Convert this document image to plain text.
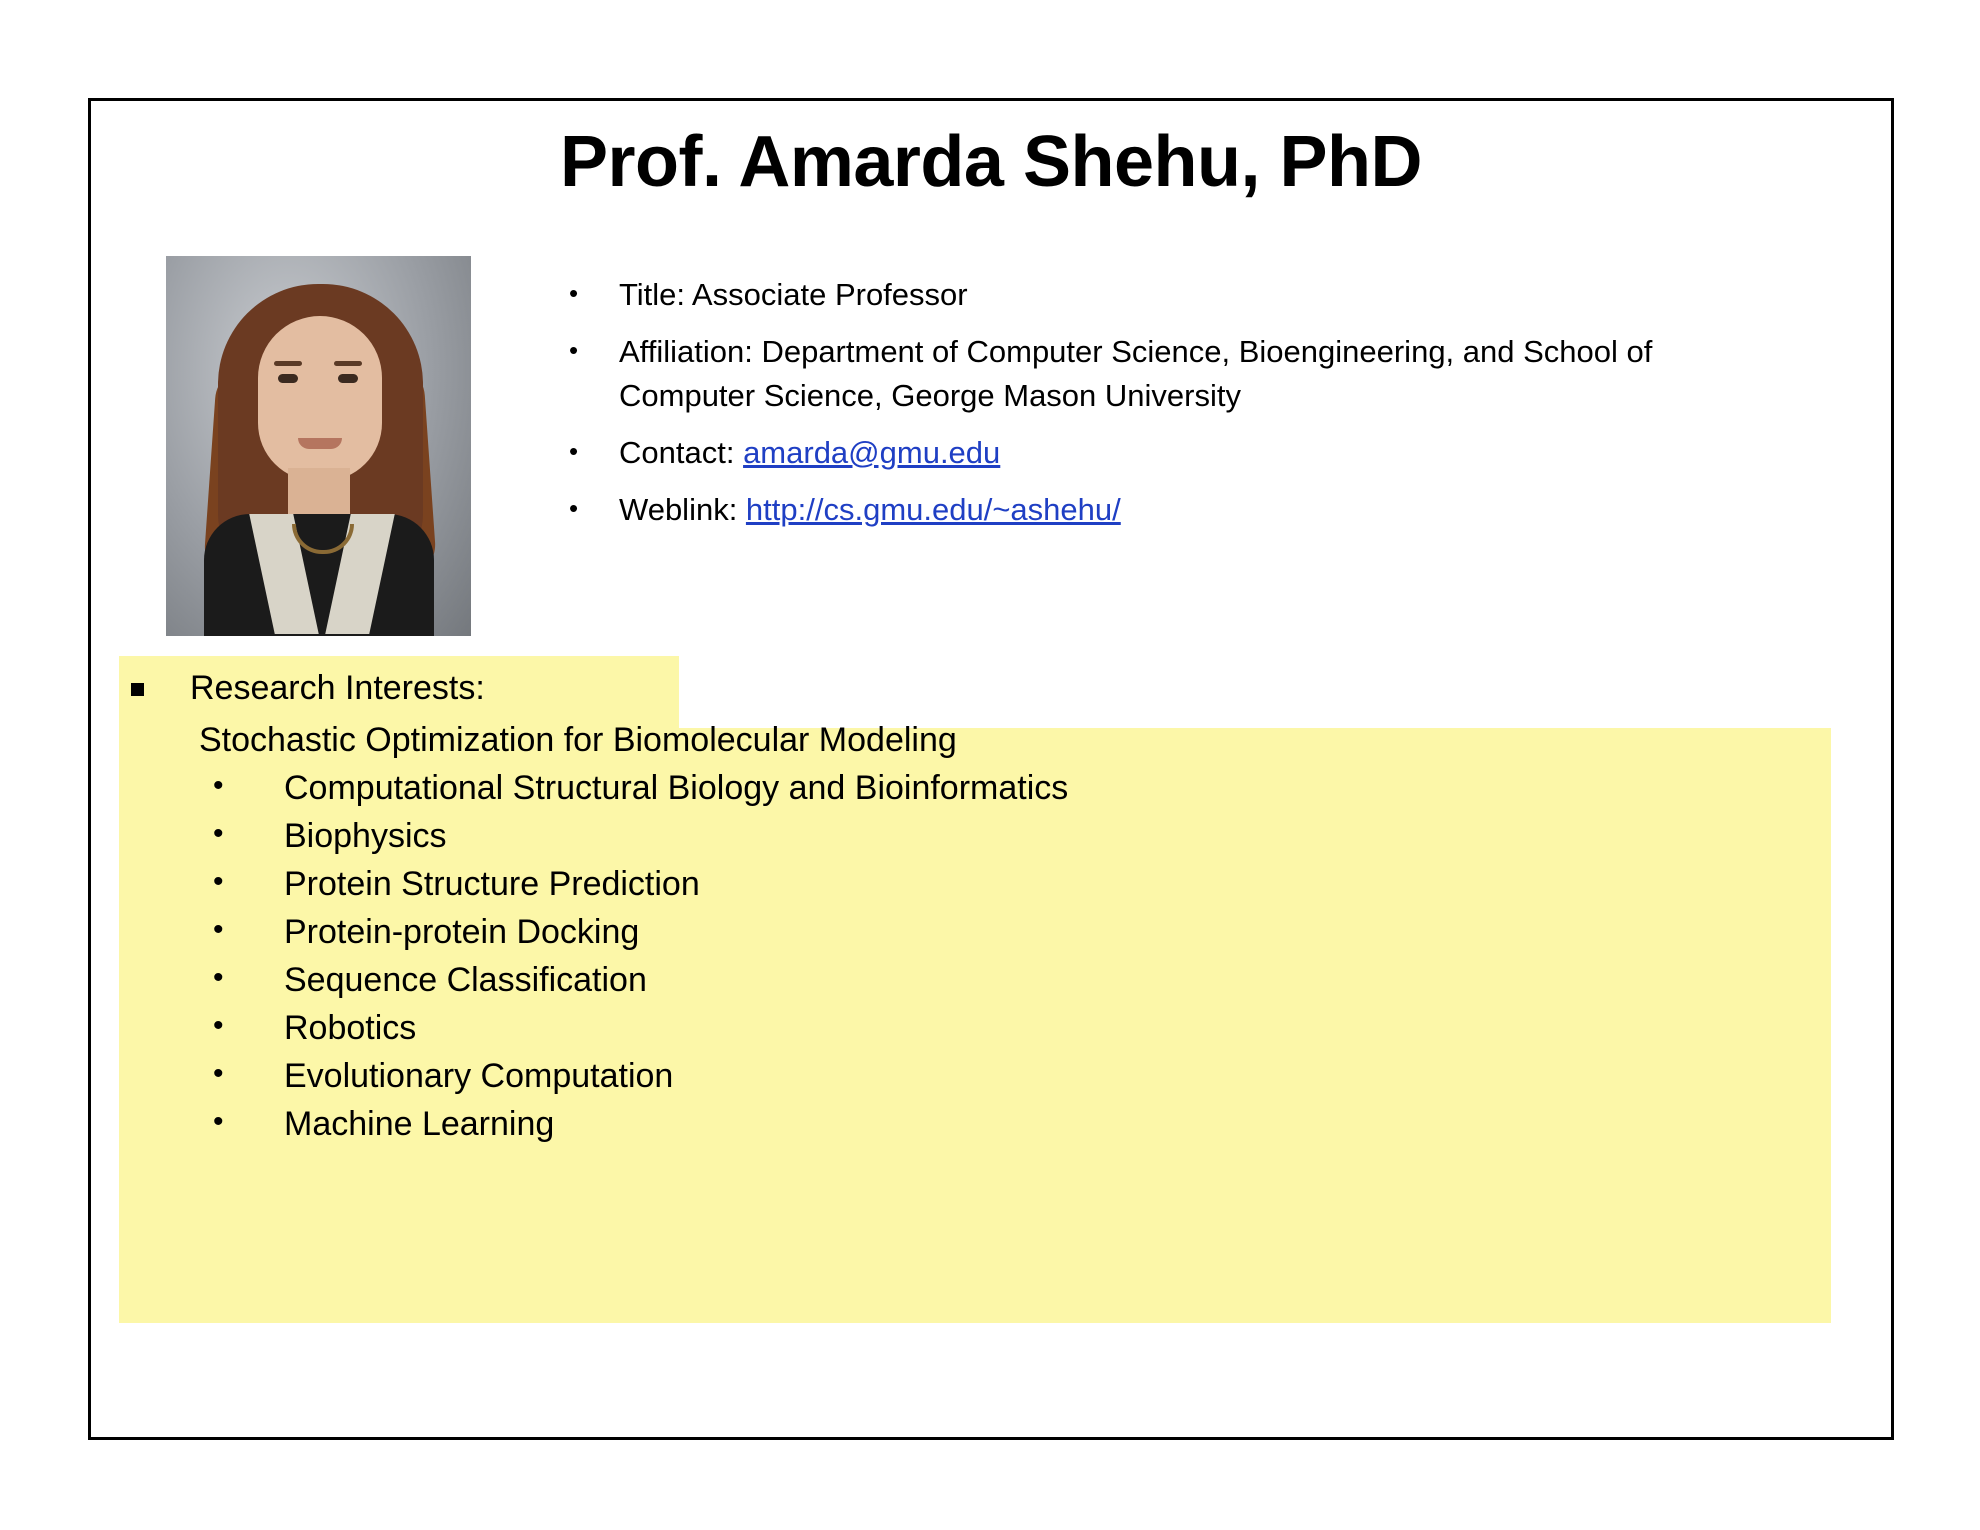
Prof. Amarda Shehu, PhD
•	Title: Associate Professor
•	Affiliation: Department of Computer Science, Bioengineering, and School of Computer Science, George Mason University
•	Contact: amarda@gmu.edu
•	Weblink: http://cs.gmu.edu/~ashehu/
Research Interests:
Stochastic Optimization for Biomolecular Modeling
•	Computational Structural Biology and Bioinformatics
•	Biophysics
•	Protein Structure Prediction
•	Protein-protein Docking
•	Sequence Classification
•	Robotics
•	Evolutionary Computation
•	Machine Learning
